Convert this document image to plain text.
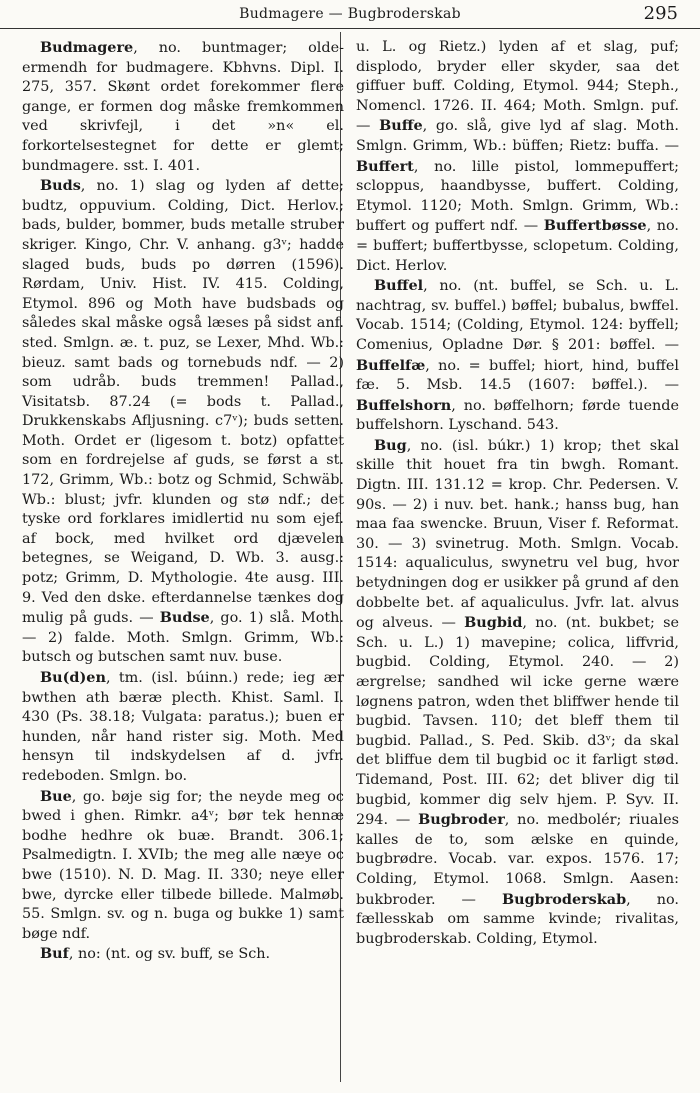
Budmagere — Bugbroderskab	295

Budmagere, no. buntmager; olde-ermendh for budmagere. Kbhvns. Dipl. I. 275, 357. Skønt ordet forekommer flere gange, er formen dog måske fremkommen ved skrivfejl, i det »n« el. forkortelsestegnet for dette er glemt; bundmagere. sst. I. 401.

Buds, no. 1) slag og lyden af dette; budtz, oppuvium. Colding, Dict. Herlov.; bads, bulder, bommer, buds metalle struber skriger. Kingo, Chr. V. anhang. g3ᵛ; hadde slaged buds, buds po dørren (1596). Rørdam, Univ. Hist. IV. 415. Colding, Etymol. 896 og Moth have budsbads og således skal måske også læses på sidst anf. sted. Smlgn. æ. t. puz, se Lexer, Mhd. Wb.: bieuz. samt bads og tornebuds ndf. — 2) som udråb. buds tremmen! Pallad., Visitatsb. 87.24 (= bods t. Pallad., Drukkenskabs Afljusning. c7ᵛ); buds setten. Moth. Ordet er (ligesom t. botz) opfattet som en fordrejelse af guds, se først a st. 172, Grimm, Wb.: botz og Schmid, Schwäb. Wb.: blust; jvfr. klunden og stø ndf.; det tyske ord forklares imidlertid nu som ejef. af bock, med hvilket ord djævelen betegnes, se Weigand, D. Wb. 3. ausg.: potz; Grimm, D. Mythologie. 4te ausg. III. 9. Ved den dske. efterdannelse tænkes dog mulig på guds. — Budse, go. 1) slå. Moth. — 2) falde. Moth. Smlgn. Grimm, Wb.: butsch og butschen samt nuv. buse.

Bu(d)en, tm. (isl. búinn.) rede; ieg ær bwthen ath bæræ plecth. Khist. Saml. I. 430 (Ps. 38.18; Vulgata: paratus.); buen er hunden, når hand rister sig. Moth. Med hensyn til indskydelsen af d. jvfr. redeboden. Smlgn. bo.

Bue, go. bøje sig for; the neyde meg oc bwed i ghen. Rimkr. a4ᵛ; bør tek hennæ bodhe hedhre ok buæ. Brandt. 306.1; Psalmedigtn. I. XVIb; the meg alle næye oc bwe (1510). N. D. Mag. II. 330; neye eller bwe, dyrcke eller tilbede billede. Malmøb. 55. Smlgn. sv. og n. buga og bukke 1) samt bøge ndf.

Buf, no: (nt. og sv. buff, se Sch.

u. L. og Rietz.) lyden af et slag, puf; displodo, bryder eller skyder, saa det giffuer buff. Colding, Etymol. 944; Steph., Nomencl. 1726. II. 464; Moth. Smlgn. puf. — Buffe, go. slå, give lyd af slag. Moth. Smlgn. Grimm, Wb.: büffen; Rietz: buffa. — Buffert, no. lille pistol, lommepuffert; scloppus, haandbysse, buffert. Colding, Etymol. 1120; Moth. Smlgn. Grimm, Wb.: buffert og puffert ndf. — Buffertbøsse, no. = buffert; buffertbysse, sclopetum. Colding, Dict. Herlov.

Buffel, no. (nt. buffel, se Sch. u. L. nachtrag, sv. buffel.) bøffel; bubalus, bwffel. Vocab. 1514; (Colding, Etymol. 124: byffell; Comenius, Opladne Dør. § 201: bøffel. — Buffelfæ, no. = buffel; hiort, hind, buffel fæ. 5. Msb. 14.5 (1607: bøffel.). — Buffelshorn, no. bøffelhorn; førde tuende buffelshorn. Lyschand. 543.

Bug, no. (isl. búkr.) 1) krop; thet skal skille thit houet fra tin bwgh. Romant. Digtn. III. 131.12 = krop. Chr. Pedersen. V. 90s. — 2) i nuv. bet. hank.; hanss bug, han maa faa swencke. Bruun, Viser f. Reformat. 30. — 3) svinetrug. Moth. Smlgn. Vocab. 1514: aqualiculus, swynetru vel bug, hvor betydningen dog er usikker på grund af den dobbelte bet. af aqualiculus. Jvfr. lat. alvus og alveus. — Bugbid, no. (nt. bukbet; se Sch. u. L.) 1) mavepine; colica, liffvrid, bugbid. Colding, Etymol. 240. — 2) ærgrelse; sandhed wil icke gerne wære løgnens patron, wden thet bliffwer hende til bugbid. Tavsen. 110; det bleff them til bugbid. Pallad., S. Ped. Skib. d3ᵛ; da skal det bliffue dem til bugbid oc it farligt stød. Tidemand, Post. III. 62; det bliver dig til bugbid, kommer dig selv hjem. P. Syv. II. 294. — Bugbroder, no. medbolér; riuales kalles de to, som ælske en quinde, bugbrødre. Vocab. var. expos. 1576. 17; Colding, Etymol. 1068. Smlgn. Aasen: bukbroder. — Bugbroderskab, no. fællesskab om samme kvinde; rivalitas, bugbroderskab. Colding, Etymol.
